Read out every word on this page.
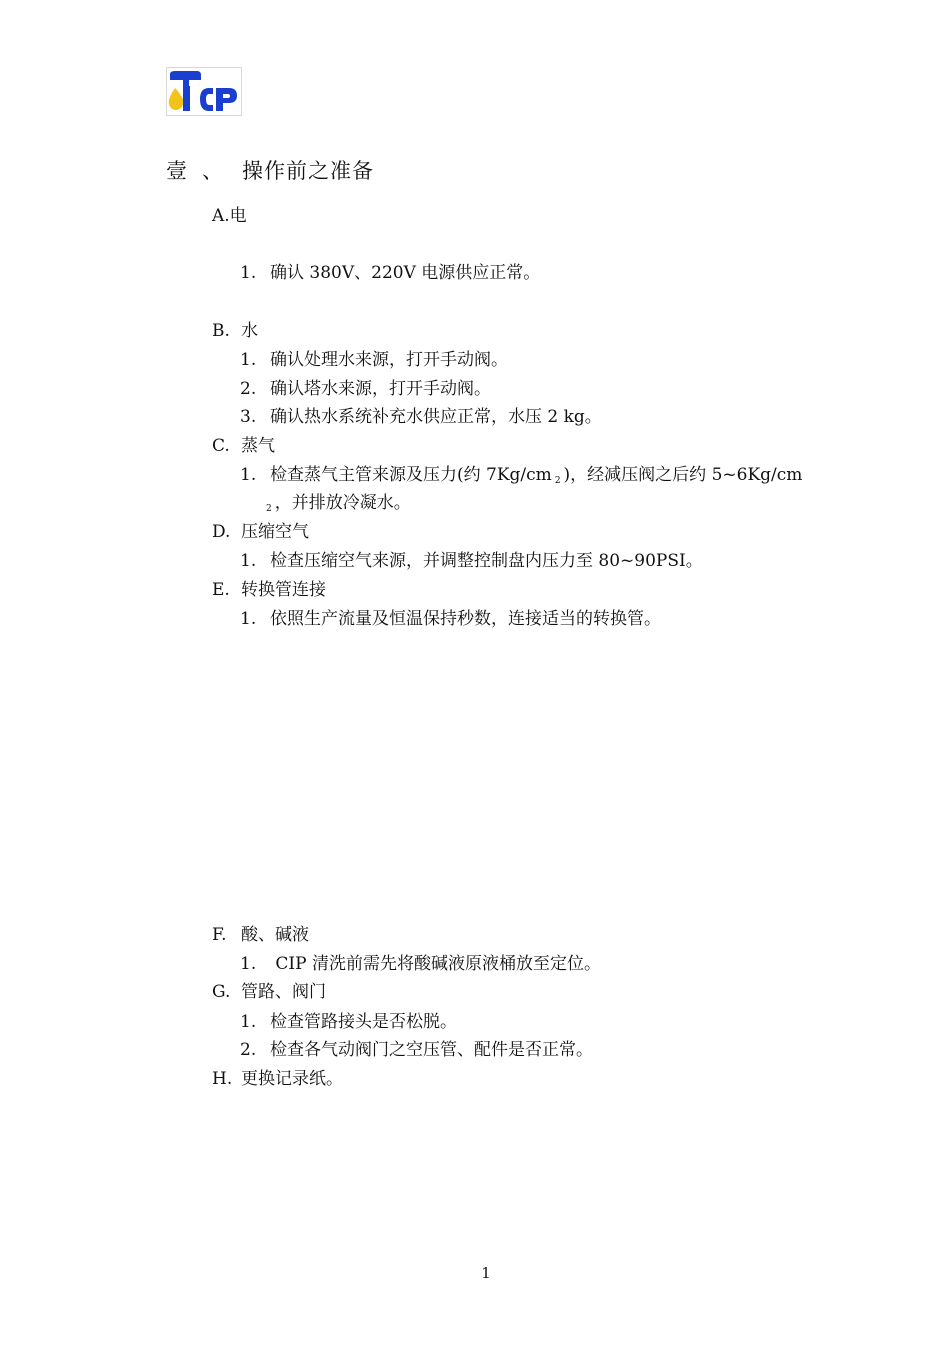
壹 、 操作前之准备
A.电
1. 确认 380V、220V 电源供应正常。
B. 水
1. 确认处理水来源，打开手动阀。
2. 确认塔水来源，打开手动阀。
3. 确认热水系统补充水供应正常，水压 2 kg。
C. 蒸气
1. 检查蒸气主管来源及压力(约 7Kg/cm $_2$ )，经减压阀之后约 5~6Kg/cm
$_2$ ，并排放冷凝水。
D. 压缩空气
1. 检查压缩空气来源，并调整控制盘内压力至 80~90PSI。
E. 转换管连接
1. 依照生产流量及恒温保持秒数，连接适当的转换管。
F. 酸、碱液
1. CIP 清洗前需先将酸碱液原液桶放至定位。
G. 管路、阀门
1. 检查管路接头是否松脱。
2. 检查各气动阀门之空压管、配件是否正常。
H. 更换记录纸。
1
